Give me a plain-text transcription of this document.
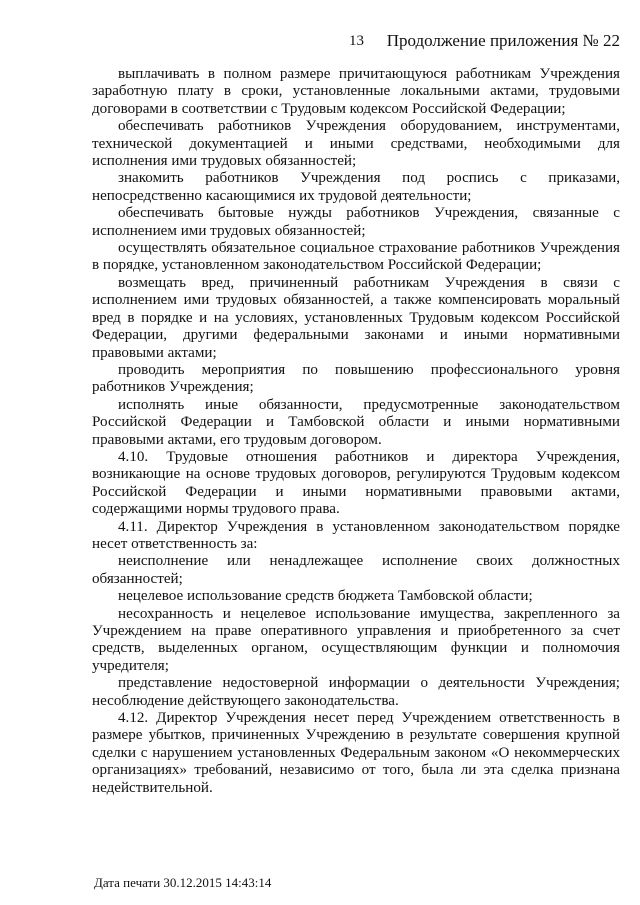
13 Продолжение приложения № 22

выплачивать в полном размере причитающуюся работникам Учреждения заработную плату в сроки, установленные локальными актами, трудовыми договорами в соответствии с Трудовым кодексом Российской Федерации;

обеспечивать работников Учреждения оборудованием, инструментами, технической документацией и иными средствами, необходимыми для исполнения ими трудовых обязанностей;

знакомить работников Учреждения под роспись с приказами, непосредственно касающимися их трудовой деятельности;

обеспечивать бытовые нужды работников Учреждения, связанные с исполнением ими трудовых обязанностей;

осуществлять обязательное социальное страхование работников Учреждения в порядке, установленном законодательством Российской Федерации;

возмещать вред, причиненный работникам Учреждения в связи с исполнением ими трудовых обязанностей, а также компенсировать моральный вред в порядке и на условиях, установленных Трудовым кодексом Российской Федерации, другими федеральными законами и иными нормативными правовыми актами;

проводить мероприятия по повышению профессионального уровня работников Учреждения;

исполнять иные обязанности, предусмотренные законодательством Российской Федерации и Тамбовской области и иными нормативными правовыми актами, его трудовым договором.

4.10. Трудовые отношения работников и директора Учреждения, возникающие на основе трудовых договоров, регулируются Трудовым кодексом Российской Федерации и иными нормативными правовыми актами, содержащими нормы трудового права.

4.11. Директор Учреждения в установленном законодательством порядке несет ответственность за:

неисполнение или ненадлежащее исполнение своих должностных обязанностей;

нецелевое использование средств бюджета Тамбовской области;

несохранность и нецелевое использование имущества, закрепленного за Учреждением на праве оперативного управления и приобретенного за счет средств, выделенных органом, осуществляющим функции и полномочия учредителя;

представление недостоверной информации о деятельности Учреждения; несоблюдение действующего законодательства.

4.12. Директор Учреждения несет перед Учреждением ответственность в размере убытков, причиненных Учреждению в результате совершения крупной сделки с нарушением установленных Федеральным законом «О некоммерческих организациях» требований, независимо от того, была ли эта сделка признана недействительной.

Дата печати 30.12.2015 14:43:14
